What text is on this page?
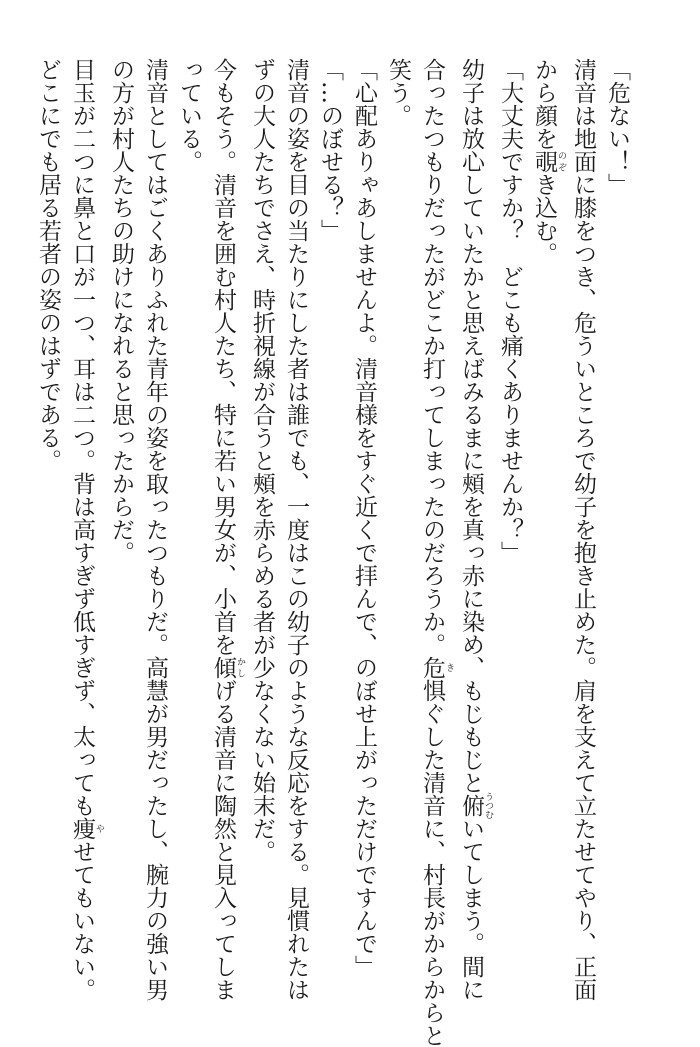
「危ない！」
清音は地面に膝をつき、危ういところで幼子を抱き止めた。肩を支えて立たせてやり、正面
から顔を覗 のぞき込む。
「大丈夫ですか？　どこも痛くありませんか？」
幼子は放心していたかと思えばみるまに頰を真っ赤に染め、もじもじと俯 うつむいてしまう。間に
合ったつもりだったがどこか打ってしまったのだろうか。危 き惧ぐした清音に、村長がからからと
笑う。
「心配ありゃあしませんよ。清音様をすぐ近くで拝んで、のぼせ上がっただけですんで」
「…のぼせる？」
清音の姿を目の当たりにした者は誰でも、一度はこの幼子のような反応をする。見慣れたは
ずの大人たちでさえ、時折視線が合うと頰を赤らめる者が少なくない始末だ。
今もそう。清音を囲む村人たち、特に若い男女が、小首を傾 かしげる清音に陶然と見入ってしま
っている。
清音としてはごくありふれた青年の姿を取ったつもりだ。高慧が男だったし、腕力の強い男
の方が村人たちの助けになれると思ったからだ。
目玉が二つに鼻と口が一つ、耳は二つ。背は高すぎず低すぎず、太っても痩 やせてもいない。
どこにでも居る若者の姿のはずである。
